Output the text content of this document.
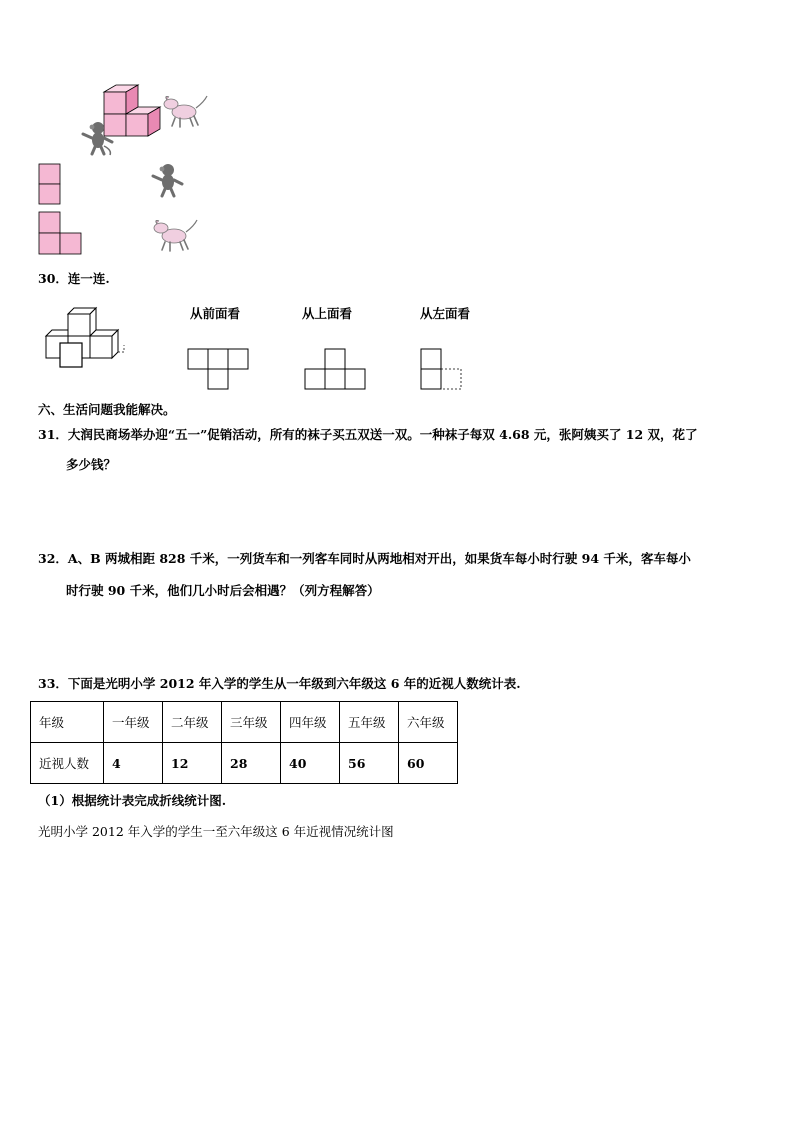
30．连一连.
从前面看	从上面看	从左面看
六、生活问题我能解决。
31．大润民商场举办迎“五一”促销活动，所有的袜子买五双送一双。一种袜子每双 4.68 元，张阿姨买了 12 双，花了
多少钱？
32．A、B 两城相距 828 千米，一列货车和一列客车同时从两地相对开出，如果货车每小时行驶 94 千米，客车每小
时行驶 90 千米，他们几小时后会相遇？（列方程解答）
33．下面是光明小学 2012 年入学的学生从一年级到六年级这 6 年的近视人数统计表.
年级	一年级	二年级	三年级	四年级	五年级	六年级
近视人数	4	12	28	40	56	60
（1）根据统计表完成折线统计图.
光明小学 2012 年入学的学生一至六年级这 6 年近视情况统计图
